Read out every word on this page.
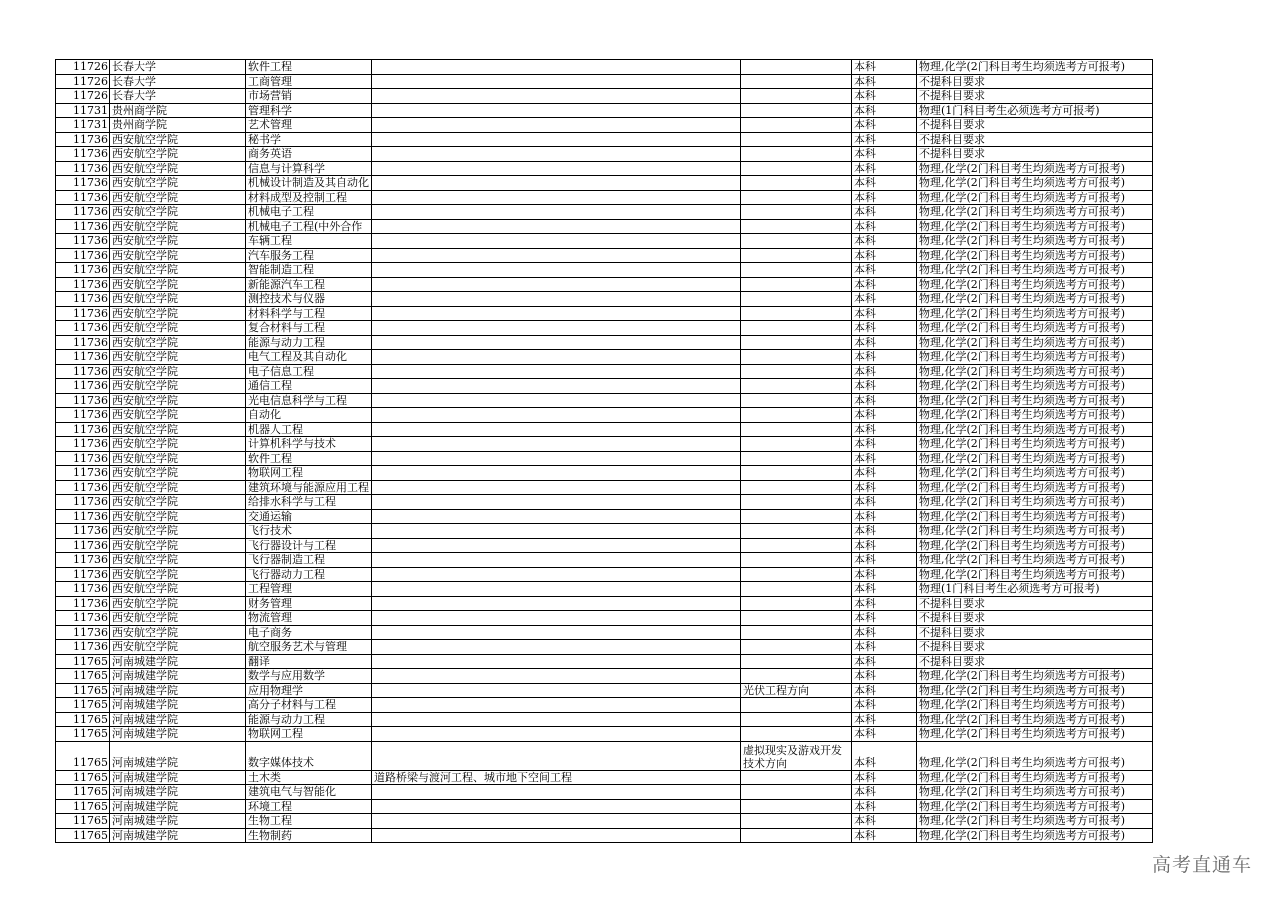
11726	长春大学	软件工程			本科	物理,化学(2门科目考生均须选考方可报考)
11726	长春大学	工商管理			本科	不提科目要求
11726	长春大学	市场营销			本科	不提科目要求
11731	贵州商学院	管理科学			本科	物理(1门科目考生必须选考方可报考)
11731	贵州商学院	艺术管理			本科	不提科目要求
11736	西安航空学院	秘书学			本科	不提科目要求
11736	西安航空学院	商务英语			本科	不提科目要求
11736	西安航空学院	信息与计算科学			本科	物理,化学(2门科目考生均须选考方可报考)
11736	西安航空学院	机械设计制造及其自动化			本科	物理,化学(2门科目考生均须选考方可报考)
11736	西安航空学院	材料成型及控制工程			本科	物理,化学(2门科目考生均须选考方可报考)
11736	西安航空学院	机械电子工程			本科	物理,化学(2门科目考生均须选考方可报考)
11736	西安航空学院	机械电子工程(中外合作			本科	物理,化学(2门科目考生均须选考方可报考)
11736	西安航空学院	车辆工程			本科	物理,化学(2门科目考生均须选考方可报考)
11736	西安航空学院	汽车服务工程			本科	物理,化学(2门科目考生均须选考方可报考)
11736	西安航空学院	智能制造工程			本科	物理,化学(2门科目考生均须选考方可报考)
11736	西安航空学院	新能源汽车工程			本科	物理,化学(2门科目考生均须选考方可报考)
11736	西安航空学院	测控技术与仪器			本科	物理,化学(2门科目考生均须选考方可报考)
11736	西安航空学院	材料科学与工程			本科	物理,化学(2门科目考生均须选考方可报考)
11736	西安航空学院	复合材料与工程			本科	物理,化学(2门科目考生均须选考方可报考)
11736	西安航空学院	能源与动力工程			本科	物理,化学(2门科目考生均须选考方可报考)
11736	西安航空学院	电气工程及其自动化			本科	物理,化学(2门科目考生均须选考方可报考)
11736	西安航空学院	电子信息工程			本科	物理,化学(2门科目考生均须选考方可报考)
11736	西安航空学院	通信工程			本科	物理,化学(2门科目考生均须选考方可报考)
11736	西安航空学院	光电信息科学与工程			本科	物理,化学(2门科目考生均须选考方可报考)
11736	西安航空学院	自动化			本科	物理,化学(2门科目考生均须选考方可报考)
11736	西安航空学院	机器人工程			本科	物理,化学(2门科目考生均须选考方可报考)
11736	西安航空学院	计算机科学与技术			本科	物理,化学(2门科目考生均须选考方可报考)
11736	西安航空学院	软件工程			本科	物理,化学(2门科目考生均须选考方可报考)
11736	西安航空学院	物联网工程			本科	物理,化学(2门科目考生均须选考方可报考)
11736	西安航空学院	建筑环境与能源应用工程			本科	物理,化学(2门科目考生均须选考方可报考)
11736	西安航空学院	给排水科学与工程			本科	物理,化学(2门科目考生均须选考方可报考)
11736	西安航空学院	交通运输			本科	物理,化学(2门科目考生均须选考方可报考)
11736	西安航空学院	飞行技术			本科	物理,化学(2门科目考生均须选考方可报考)
11736	西安航空学院	飞行器设计与工程			本科	物理,化学(2门科目考生均须选考方可报考)
11736	西安航空学院	飞行器制造工程			本科	物理,化学(2门科目考生均须选考方可报考)
11736	西安航空学院	飞行器动力工程			本科	物理,化学(2门科目考生均须选考方可报考)
11736	西安航空学院	工程管理			本科	物理(1门科目考生必须选考方可报考)
11736	西安航空学院	财务管理			本科	不提科目要求
11736	西安航空学院	物流管理			本科	不提科目要求
11736	西安航空学院	电子商务			本科	不提科目要求
11736	西安航空学院	航空服务艺术与管理			本科	不提科目要求
11765	河南城建学院	翻译			本科	不提科目要求
11765	河南城建学院	数学与应用数学			本科	物理,化学(2门科目考生均须选考方可报考)
11765	河南城建学院	应用物理学		光伏工程方向	本科	物理,化学(2门科目考生均须选考方可报考)
11765	河南城建学院	高分子材料与工程			本科	物理,化学(2门科目考生均须选考方可报考)
11765	河南城建学院	能源与动力工程			本科	物理,化学(2门科目考生均须选考方可报考)
11765	河南城建学院	物联网工程			本科	物理,化学(2门科目考生均须选考方可报考)
11765	河南城建学院	数字媒体技术		虚拟现实及游戏开发技术方向	本科	物理,化学(2门科目考生均须选考方可报考)
11765	河南城建学院	土木类	道路桥梁与渡河工程、城市地下空间工程		本科	物理,化学(2门科目考生均须选考方可报考)
11765	河南城建学院	建筑电气与智能化			本科	物理,化学(2门科目考生均须选考方可报考)
11765	河南城建学院	环境工程			本科	物理,化学(2门科目考生均须选考方可报考)
11765	河南城建学院	生物工程			本科	物理,化学(2门科目考生均须选考方可报考)
11765	河南城建学院	生物制药			本科	物理,化学(2门科目考生均须选考方可报考)
高考直通车
